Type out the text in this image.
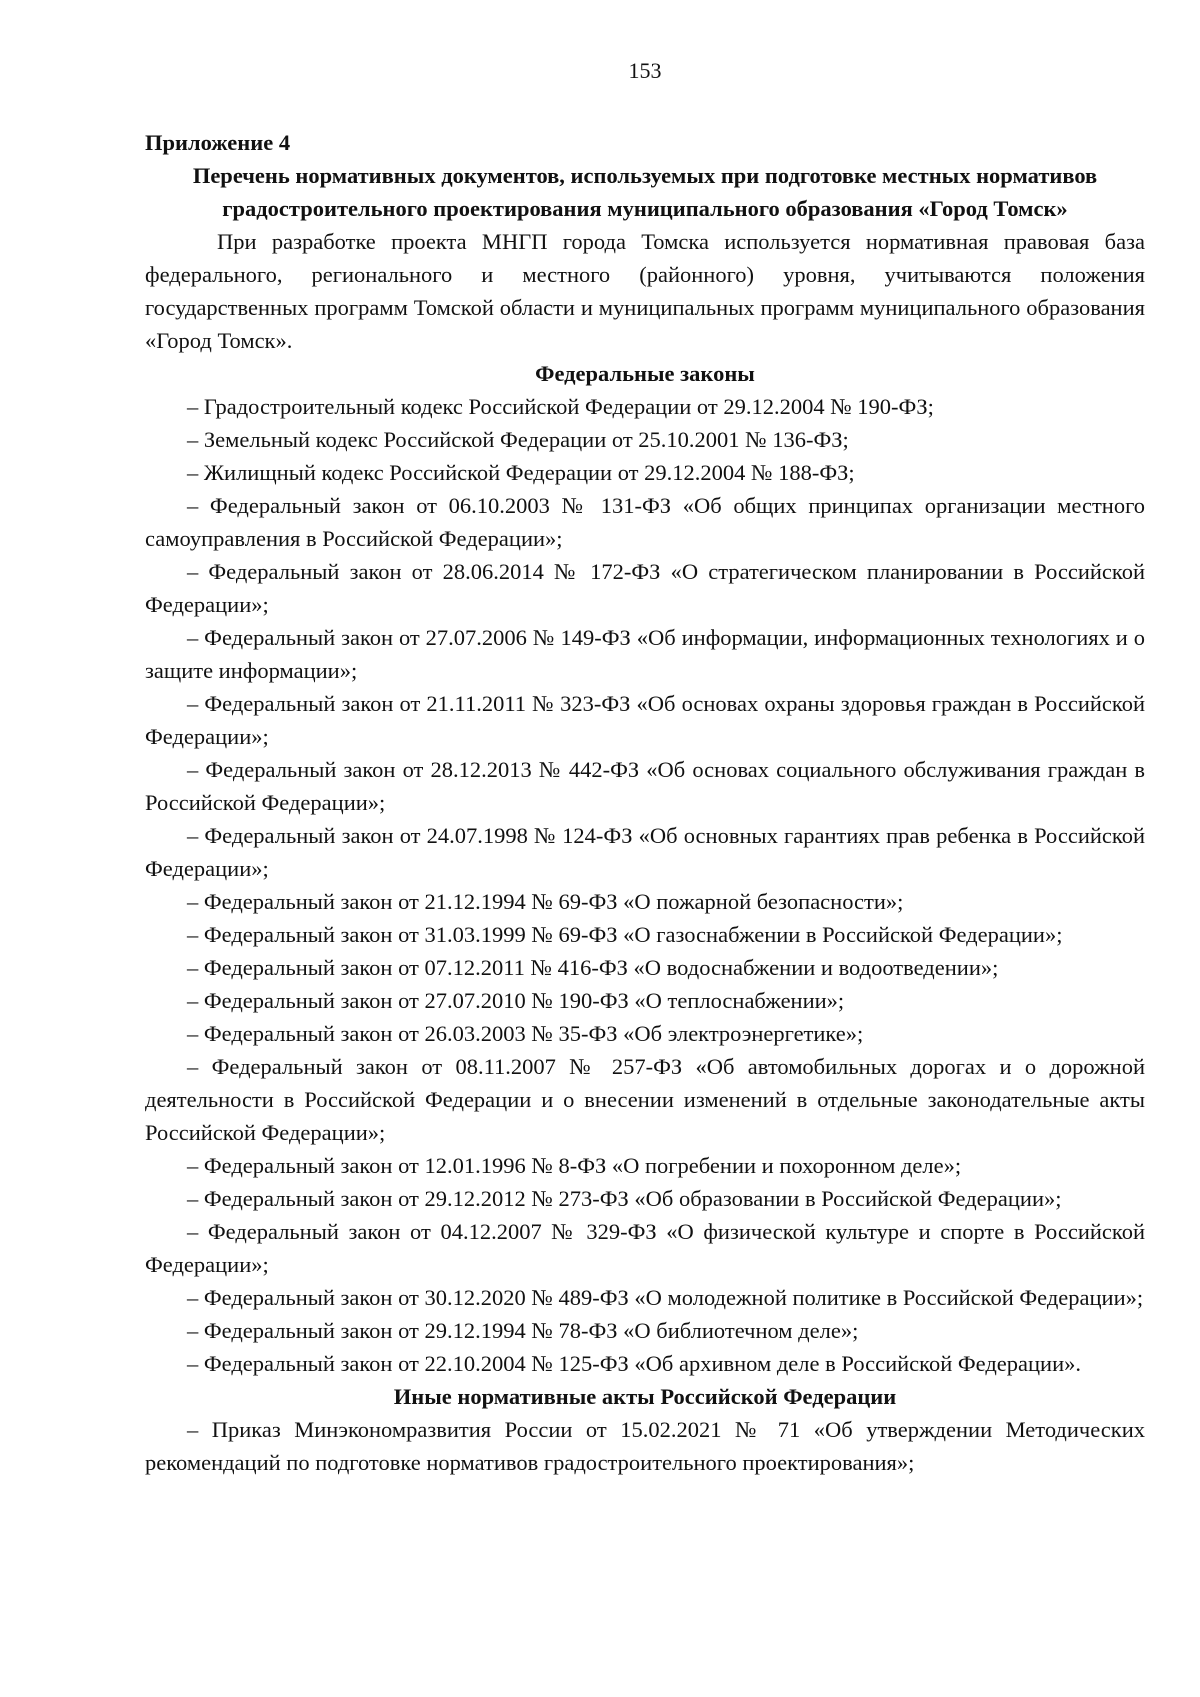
153

Приложение 4

Перечень нормативных документов, используемых при подготовке местных нормативов градостроительного проектирования муниципального образования «Город Томск»

При разработке проекта МНГП города Томска используется нормативная правовая база федерального, регионального и местного (районного) уровня, учитываются положения государственных программ Томской области и муниципальных программ муниципального образования «Город Томск».

Федеральные законы

– Градостроительный кодекс Российской Федерации от 29.12.2004 № 190-ФЗ;

– Земельный кодекс Российской Федерации от 25.10.2001 № 136-ФЗ;

– Жилищный кодекс Российской Федерации от 29.12.2004 № 188-ФЗ;

– Федеральный закон от 06.10.2003 № 131-ФЗ «Об общих принципах организации местного самоуправления в Российской Федерации»;

– Федеральный закон от 28.06.2014 № 172-ФЗ «О стратегическом планировании в Российской Федерации»;

– Федеральный закон от 27.07.2006 № 149-ФЗ «Об информации, информационных технологиях и о защите информации»;

– Федеральный закон от 21.11.2011 № 323-ФЗ «Об основах охраны здоровья граждан в Российской Федерации»;

– Федеральный закон от 28.12.2013 № 442-ФЗ «Об основах социального обслуживания граждан в Российской Федерации»;

– Федеральный закон от 24.07.1998 № 124-ФЗ «Об основных гарантиях прав ребенка в Российской Федерации»;

– Федеральный закон от 21.12.1994 № 69-ФЗ «О пожарной безопасности»;

– Федеральный закон от 31.03.1999 № 69-ФЗ «О газоснабжении в Российской Федерации»;

– Федеральный закон от 07.12.2011 № 416-ФЗ «О водоснабжении и водоотведении»;

– Федеральный закон от 27.07.2010 № 190-ФЗ «О теплоснабжении»;

– Федеральный закон от 26.03.2003 № 35-ФЗ «Об электроэнергетике»;

– Федеральный закон от 08.11.2007 № 257-ФЗ «Об автомобильных дорогах и о дорожной деятельности в Российской Федерации и о внесении изменений в отдельные законодательные акты Российской Федерации»;

– Федеральный закон от 12.01.1996 № 8-ФЗ «О погребении и похоронном деле»;

– Федеральный закон от 29.12.2012 № 273-ФЗ «Об образовании в Российской Федерации»;

– Федеральный закон от 04.12.2007 № 329-ФЗ «О физической культуре и спорте в Российской Федерации»;

– Федеральный закон от 30.12.2020 № 489-ФЗ «О молодежной политике в Российской Федерации»;

– Федеральный закон от 29.12.1994 № 78-ФЗ «О библиотечном деле»;

– Федеральный закон от 22.10.2004 № 125-ФЗ «Об архивном деле в Российской Федерации».

Иные нормативные акты Российской Федерации

– Приказ Минэкономразвития России от 15.02.2021 № 71 «Об утверждении Методических рекомендаций по подготовке нормативов градостроительного проектирования»;
